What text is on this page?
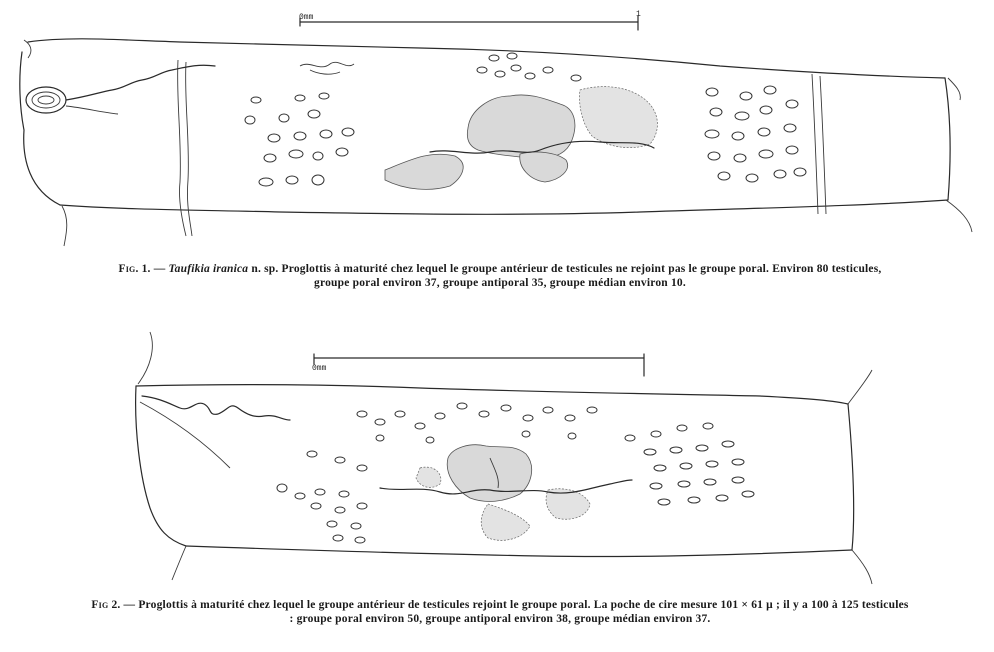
0mm	1
Fig. 1. — Taufikia iranica n. sp. Proglottis à maturité chez lequel le groupe antérieur de testicules ne rejoint pas le groupe poral. Environ 80 testicules, groupe poral environ 37, groupe antiporal 35, groupe médian environ 10.
0mm
Fig 2. — Proglottis à maturité chez lequel le groupe antérieur de testicules rejoint le groupe poral. La poche de cire mesure 101 × 61 μ ; il y a 100 à 125 testicules : groupe poral environ 50, groupe antiporal environ 38, groupe médian environ 37.
